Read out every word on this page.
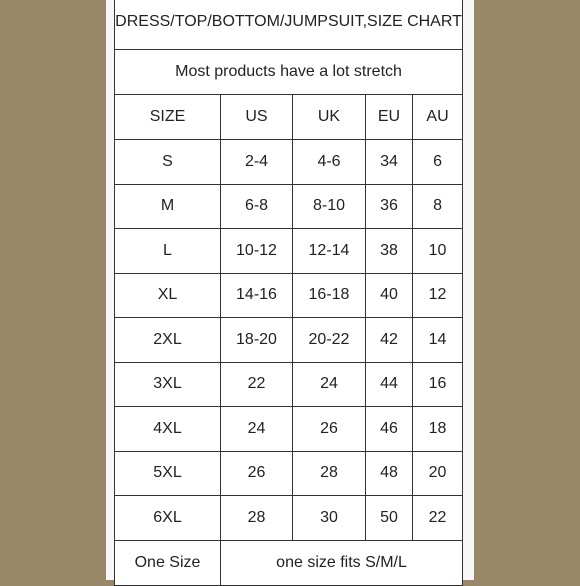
DRESS/TOP/BOTTOM/JUMPSUIT,SIZE CHART				
Most products have a lot stretch				
SIZE	US	UK	EU	AU
S	2-4	4-6	34	6
M	6-8	8-10	36	8
L	10-12	12-14	38	10
XL	14-16	16-18	40	12
2XL	18-20	20-22	42	14
3XL	22	24	44	16
4XL	24	26	46	18
5XL	26	28	48	20
6XL	28	30	50	22
One Size	one size fits S/M/L			
